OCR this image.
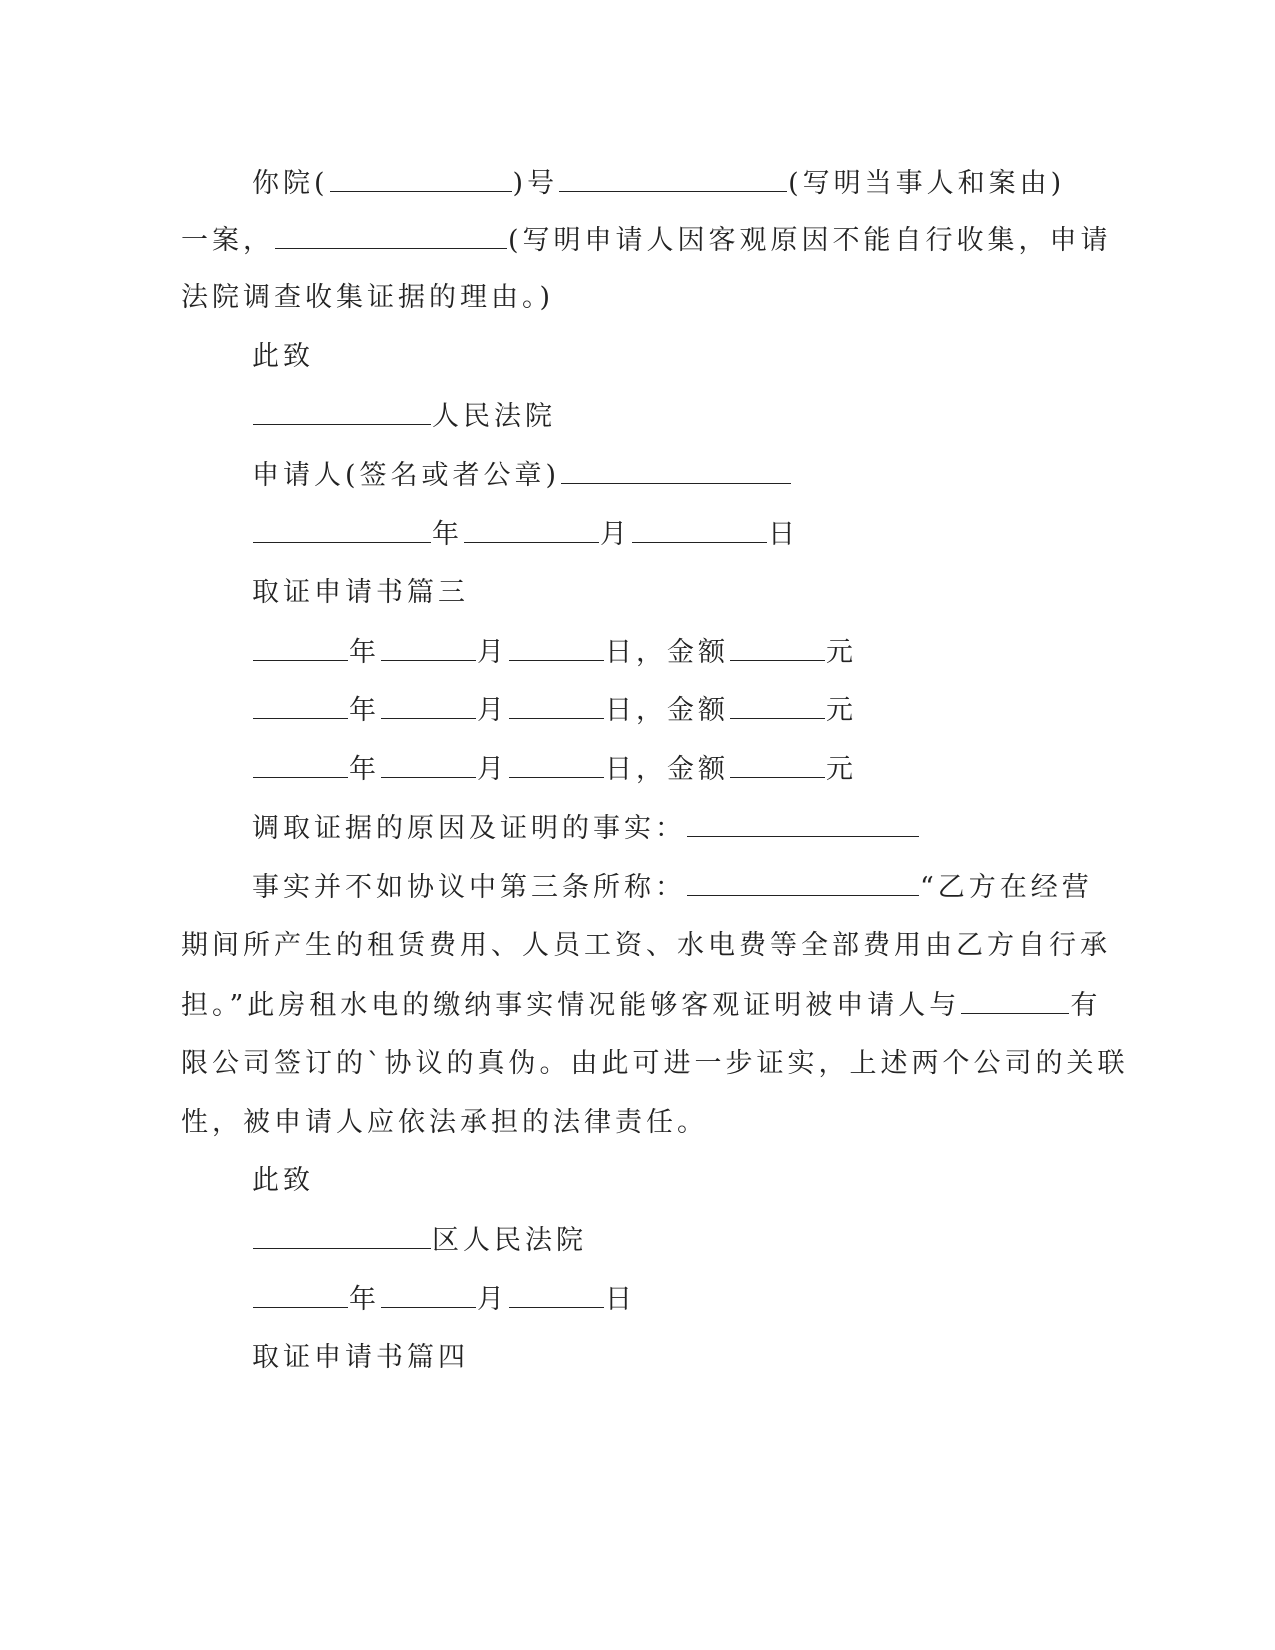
你院(	)号	(写明当事人和案由)
一案，	(写明申请人因客观原因不能自行收集，申请
法院调查收集证据的理由。)
此致
人民法院
申请人(签名或者公章)
年	月	日
取证申请书篇三
年	月	日，金额	元
年	月	日，金额	元
年	月	日，金额	元
调取证据的原因及证明的事实：
事实并不如协议中第三条所称：	“乙方在经营
期间所产生的租赁费用、人员工资、水电费等全部费用由乙方自行承
担。”此房租水电的缴纳事实情况能够客观证明被申请人与	有
限公司签订的`协议的真伪。由此可进一步证实，上述两个公司的关联
性，被申请人应依法承担的法律责任。
此致
区人民法院
年	月	日
取证申请书篇四
